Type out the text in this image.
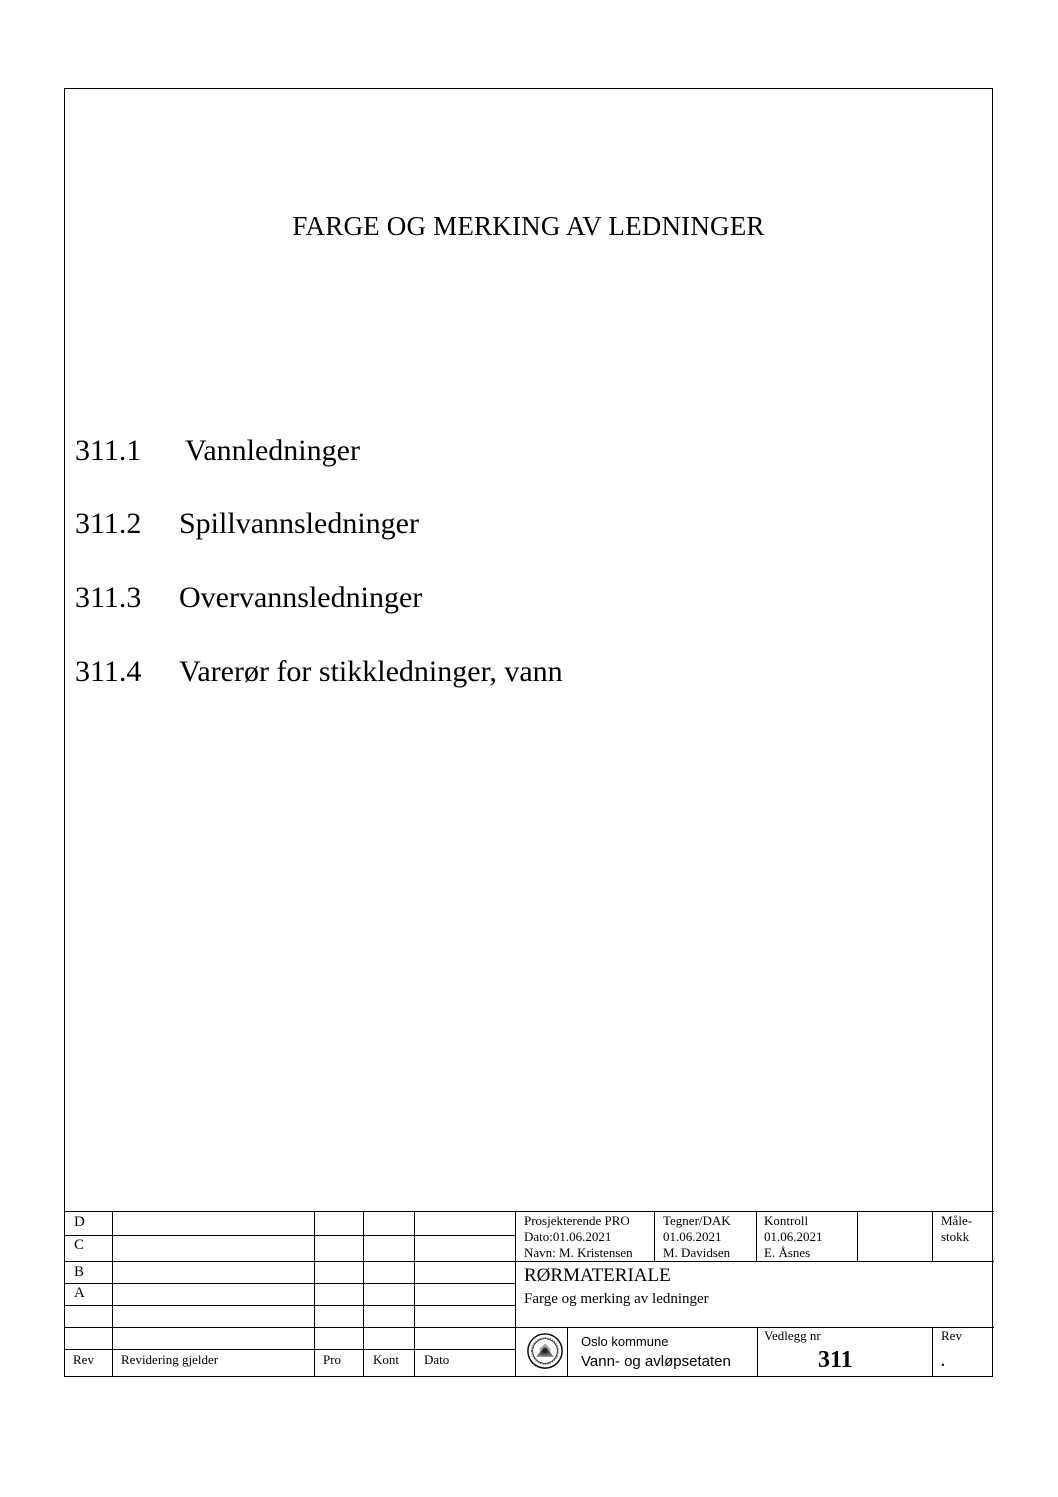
FARGE OG MERKING AV LEDNINGER
311.1 Vannledninger
311.2 Spillvannsledninger
311.3 Overvannsledninger
311.4 Varerør for stikkledninger, vann
D
C
B
A
Rev Revidering gjelder	Pro Kont Dato
Prosjekterende PRO
Dato:01.06.2021
Navn: M. Kristensen
Tegner/DAK
01.06.2021
M. Davidsen
Kontroll
01.06.2021
E. Åsnes
Måle-
stokk
RØRMATERIALE
Farge og merking av ledninger
Oslo kommune
Vann- og avløpsetaten
Vedlegg nr
311
Rev
.
